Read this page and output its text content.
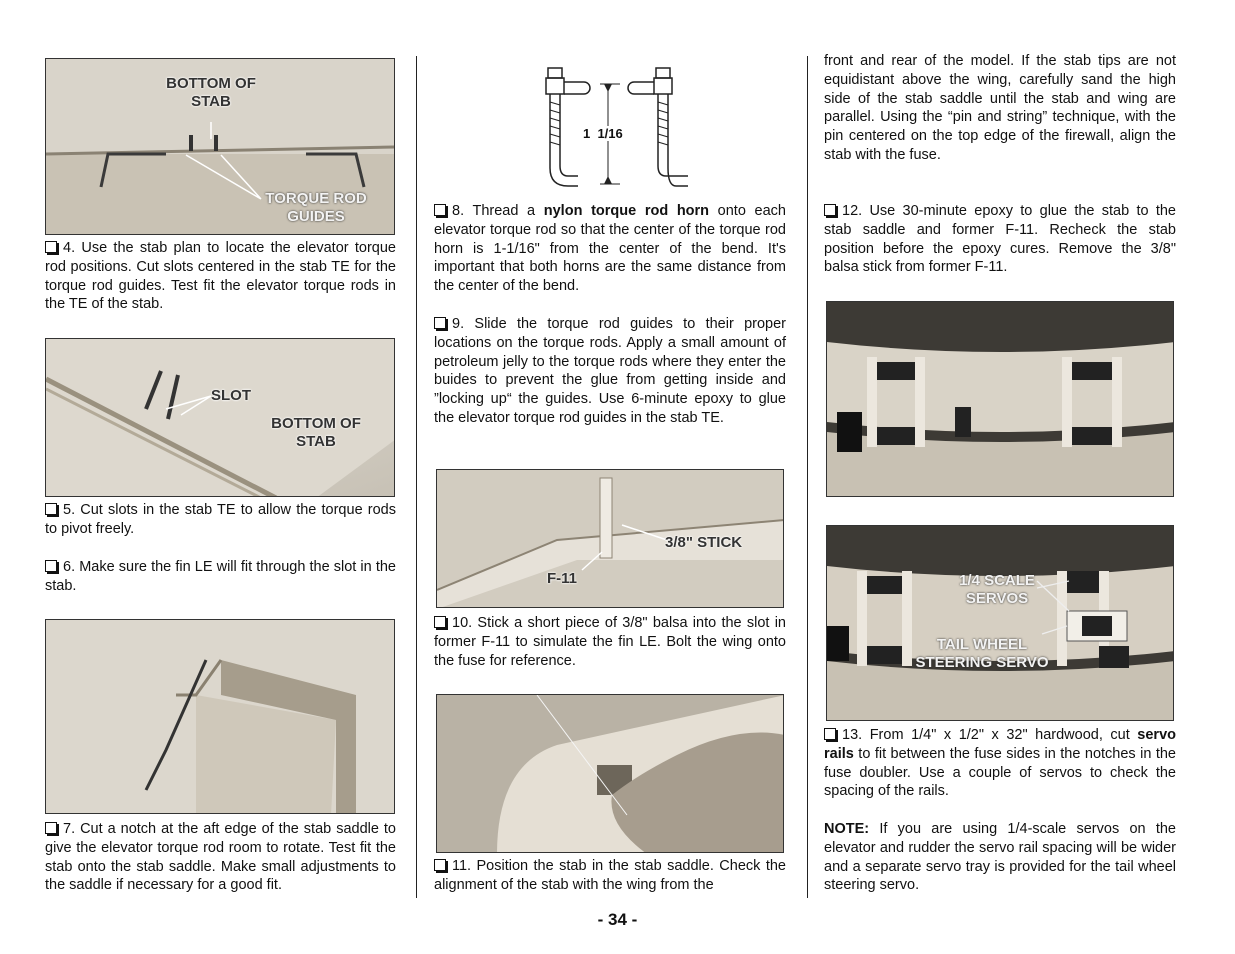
BOTTOM OF STAB
TORQUE ROD GUIDES

4. Use the stab plan to locate the elevator torque rod positions. Cut slots centered in the stab TE for the torque rod guides. Test fit the elevator torque rods in the TE of the stab.

SLOT
BOTTOM OF STAB

5. Cut slots in the stab TE to allow the torque rods to pivot freely.

6. Make sure the fin LE will fit through the slot in the stab.

7. Cut a notch at the aft edge of the stab saddle to give the elevator torque rod room to rotate. Test fit the stab onto the stab saddle. Make small adjustments to the saddle if necessary for a good fit.

1  1/16

8. Thread a nylon torque rod horn onto each elevator torque rod so that the center of the torque rod horn is 1-1/16" from the center of the bend. It's important that both horns are the same distance from the center of the bend.

9. Slide the torque rod guides to their proper locations on the torque rods. Apply a small amount of petroleum jelly to the torque rods where they enter the buides to prevent the glue from getting inside and ”locking up“ the guides. Use 6-minute epoxy to glue the elevator torque rod guides in the stab TE.

3/8" STICK
F-11

10. Stick a short piece of 3/8" balsa into the slot in former F-11 to simulate the fin LE. Bolt the wing onto the fuse for reference.

11. Position the stab in the stab saddle. Check the alignment of the stab with the wing from the

front and rear of the model. If the stab tips are not equidistant above the wing, carefully sand the high side of the stab saddle until the stab and wing are parallel. Using the “pin and string” technique, with the pin centered on the top edge of the firewall, align the stab with the fuse.

12. Use 30-minute epoxy to glue the stab to the stab saddle and former F-11. Recheck the stab position before the epoxy cures. Remove the 3/8" balsa stick from former F-11.

1/4 SCALE SERVOS
TAIL WHEEL STEERING SERVO

13. From 1/4" x 1/2" x 32" hardwood, cut servo rails to fit between the fuse sides in the notches in the fuse doubler. Use a couple of servos to check the spacing of the rails.

NOTE: If you are using 1/4-scale servos on the elevator and rudder the servo rail spacing will be wider and a separate servo tray is provided for the tail wheel steering servo.

- 34 -
